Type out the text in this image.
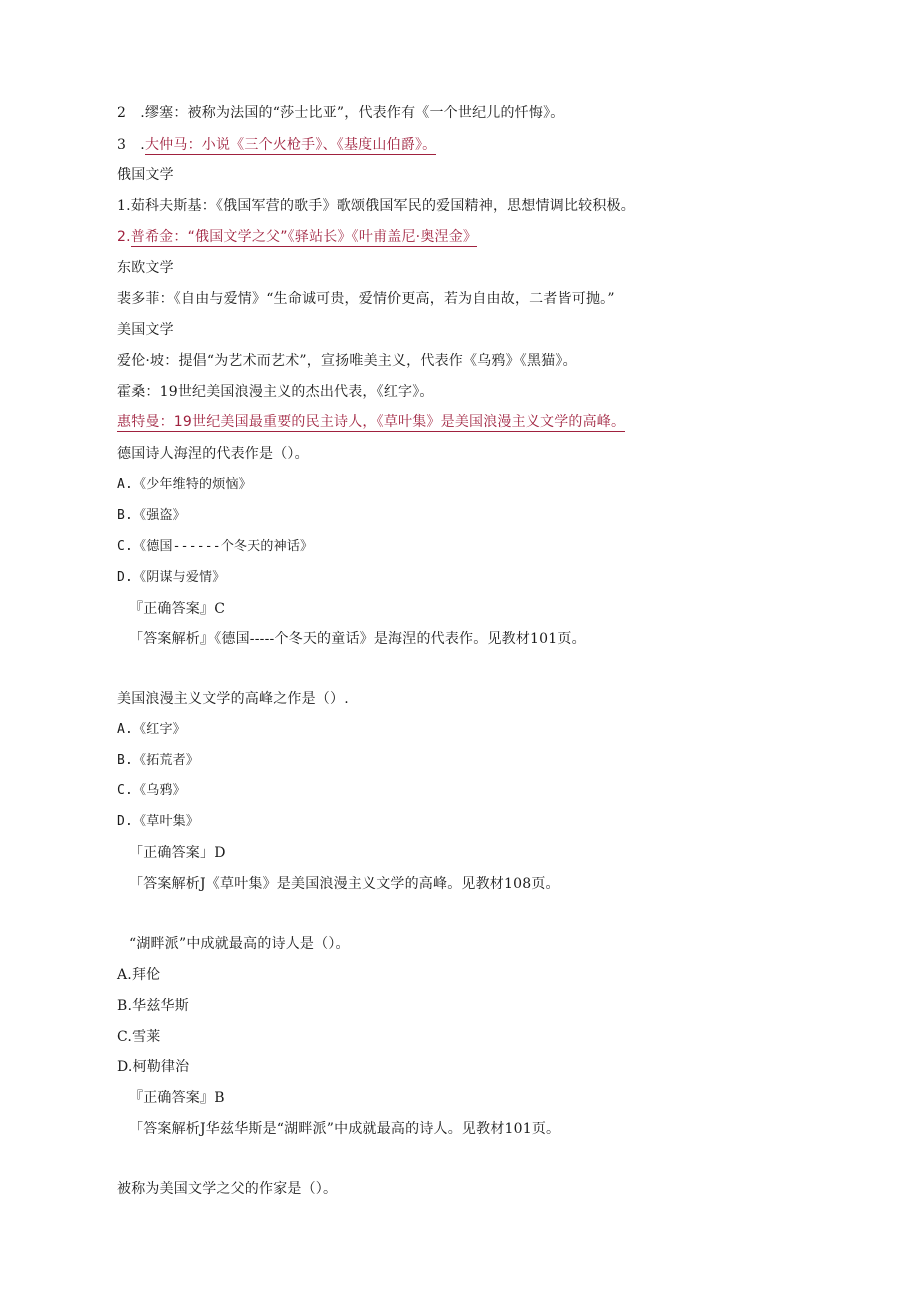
2　.缪塞：被称为法国的“莎士比亚”，代表作有《一个世纪儿的忏悔》。
3　.大仲马：小说《三个火枪手》、《基度山伯爵》。
俄国文学
1.茹科夫斯基：《俄国军营的歌手》歌颂俄国军民的爱国精神，思想情调比较积极。
2.普希金：“俄国文学之父”《驿站长》《叶甫盖尼·奥涅金》
东欧文学
裴多菲：《自由与爱情》“生命诚可贵，爱情价更高，若为自由故，二者皆可抛。”
美国文学
爱伦·坡：提倡“为艺术而艺术”，宣扬唯美主义，代表作《乌鸦》《黑猫》。
霍桑：19世纪美国浪漫主义的杰出代表，《红字》。
惠特曼：19世纪美国最重要的民主诗人，《草叶集》是美国浪漫主义文学的高峰。
德国诗人海涅的代表作是（）。
A.《少年维特的烦恼》
B.《强盗》
C.《德国------个冬天的神话》
D.《阴谋与爱情》
『正确答案』C
「答案解析』《德国-----个冬天的童话》是海涅的代表作。见教材101页。
美国浪漫主义文学的高峰之作是（）.
A.《红字》
B.《拓荒者》
C.《乌鸦》
D.《草叶集》
「正确答案」D
「答案解析J《草叶集》是美国浪漫主义文学的高峰。见教材108页。
“湖畔派”中成就最高的诗人是（）。
A.拜伦
B.华兹华斯
C.雪莱
D.柯勒律治
『正确答案』B
「答案解析J华兹华斯是“湖畔派”中成就最高的诗人。见教材101页。
被称为美国文学之父的作家是（）。
